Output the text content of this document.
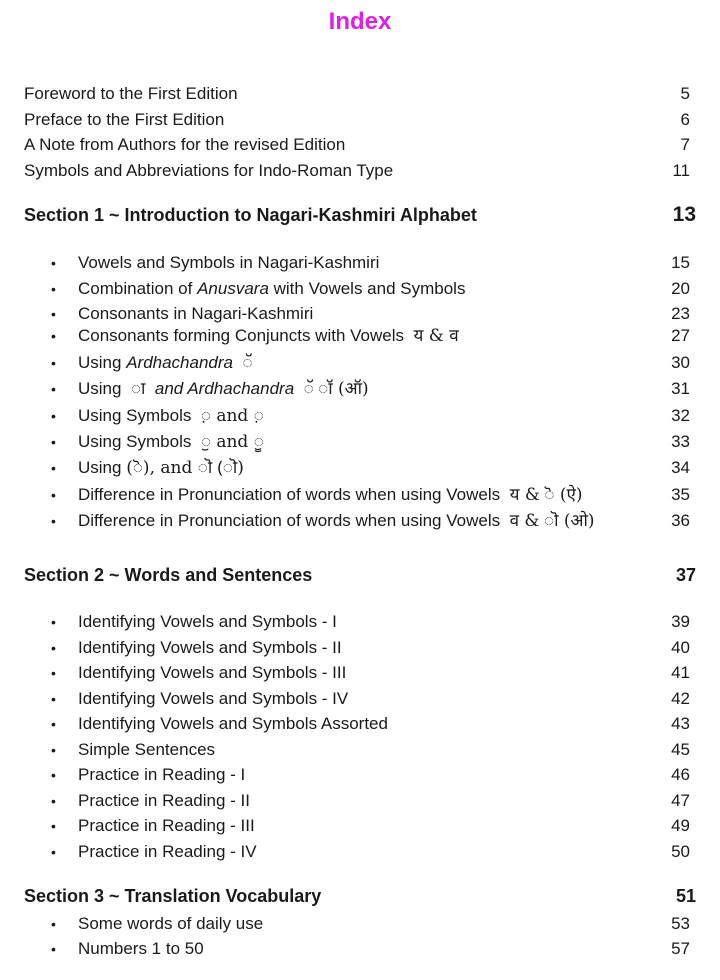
Index
Foreword to the First Edition	5
Preface to the First Edition	6
A Note from Authors for the revised Edition	7
Symbols and Abbreviations for Indo-Roman Type	11
Section 1 ~ Introduction to Nagari-Kashmiri Alphabet	13
• Vowels and Symbols in Nagari-Kashmiri	15
• Combination of Anusvara with Vowels and Symbols	20
• Consonants in Nagari-Kashmiri	23
• Consonants forming Conjuncts with Vowels य & व	27
• Using Ardhachandra ॅ	30
• Using ा and Ardhachandra ॅ ॉ (ऑ)	31
• Using Symbols ़ and ़	32
• Using Symbols ॖ and ॗ	33
• Using (ॆ), and ॊ (ॊ)	34
• Difference in Pronunciation of words when using Vowels य & ॆ (ऐ)	35
• Difference in Pronunciation of words when using Vowels व & ॊ (ओ)	36
Section 2 ~ Words and Sentences	37
• Identifying Vowels and Symbols - I	39
• Identifying Vowels and Symbols - II	40
• Identifying Vowels and Symbols - III	41
• Identifying Vowels and Symbols - IV	42
• Identifying Vowels and Symbols Assorted	43
• Simple Sentences	45
• Practice in Reading - I	46
• Practice in Reading - II	47
• Practice in Reading - III	49
• Practice in Reading - IV	50
Section 3 ~ Translation Vocabulary	51
• Some words of daily use	53
• Numbers 1 to 50	57
